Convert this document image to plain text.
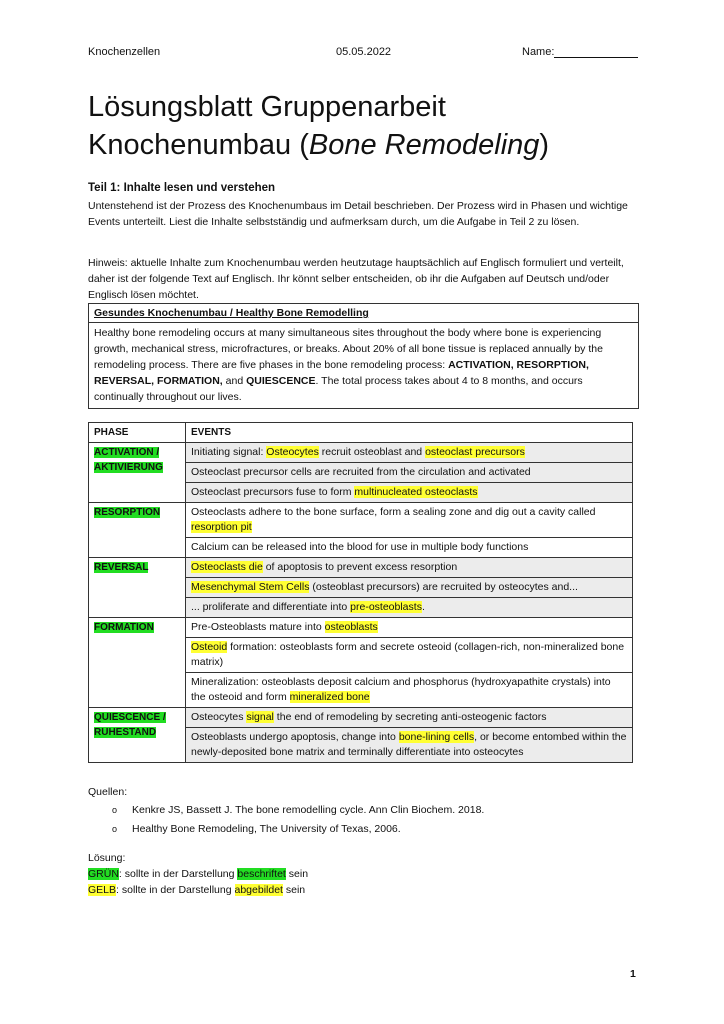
Knochenzellen	05.05.2022	Name:
Lösungsblatt Gruppenarbeit
Knochenumbau (Bone Remodeling)
Teil 1: Inhalte lesen und verstehen
Untenstehend ist der Prozess des Knochenumbaus im Detail beschrieben. Der Prozess wird in Phasen und wichtige Events unterteilt. Liest die Inhalte selbstständig und aufmerksam durch, um die Aufgabe in Teil 2 zu lösen.
Hinweis: aktuelle Inhalte zum Knochenumbau werden heutzutage hauptsächlich auf Englisch formuliert und verteilt, daher ist der folgende Text auf Englisch. Ihr könnt selber entscheiden, ob ihr die Aufgaben auf Deutsch und/oder Englisch lösen möchtet.
Gesundes Knochenumbau / Healthy Bone Remodelling
Healthy bone remodeling occurs at many simultaneous sites throughout the body where bone is experiencing growth, mechanical stress, microfractures, or breaks. About 20% of all bone tissue is replaced annually by the remodeling process. There are five phases in the bone remodeling process: ACTIVATION, RESORPTION, REVERSAL, FORMATION, and QUIESCENCE. The total process takes about 4 to 8 months, and occurs continually throughout our lives.
PHASE	EVENTS
ACTIVATION / AKTIVIERUNG	Initiating signal: Osteocytes recruit osteoblast and osteoclast precursors
	Osteoclast precursor cells are recruited from the circulation and activated
	Osteoclast precursors fuse to form multinucleated osteoclasts
RESORPTION	Osteoclasts adhere to the bone surface, form a sealing zone and dig out a cavity called resorption pit
	Calcium can be released into the blood for use in multiple body functions
REVERSAL	Osteoclasts die of apoptosis to prevent excess resorption
	Mesenchymal Stem Cells (osteoblast precursors) are recruited by osteocytes and...
	... proliferate and differentiate into pre-osteoblasts.
FORMATION	Pre-Osteoblasts mature into osteoblasts
	Osteoid formation: osteoblasts form and secrete osteoid (collagen-rich, non-mineralized bone matrix)
	Mineralization: osteoblasts deposit calcium and phosphorus (hydroxyapathite crystals) into the osteoid and form mineralized bone
QUIESCENCE / RUHESTAND	Osteocytes signal the end of remodeling by secreting anti-osteogenic factors
	Osteoblasts undergo apoptosis, change into bone-lining cells, or become entombed within the newly-deposited bone matrix and terminally differentiate into osteocytes
Quellen:
o Kenkre JS, Bassett J. The bone remodelling cycle. Ann Clin Biochem. 2018.
o Healthy Bone Remodeling, The University of Texas, 2006.
Lösung:
GRÜN: sollte in der Darstellung beschriftet sein
GELB: sollte in der Darstellung abgebildet sein
1
